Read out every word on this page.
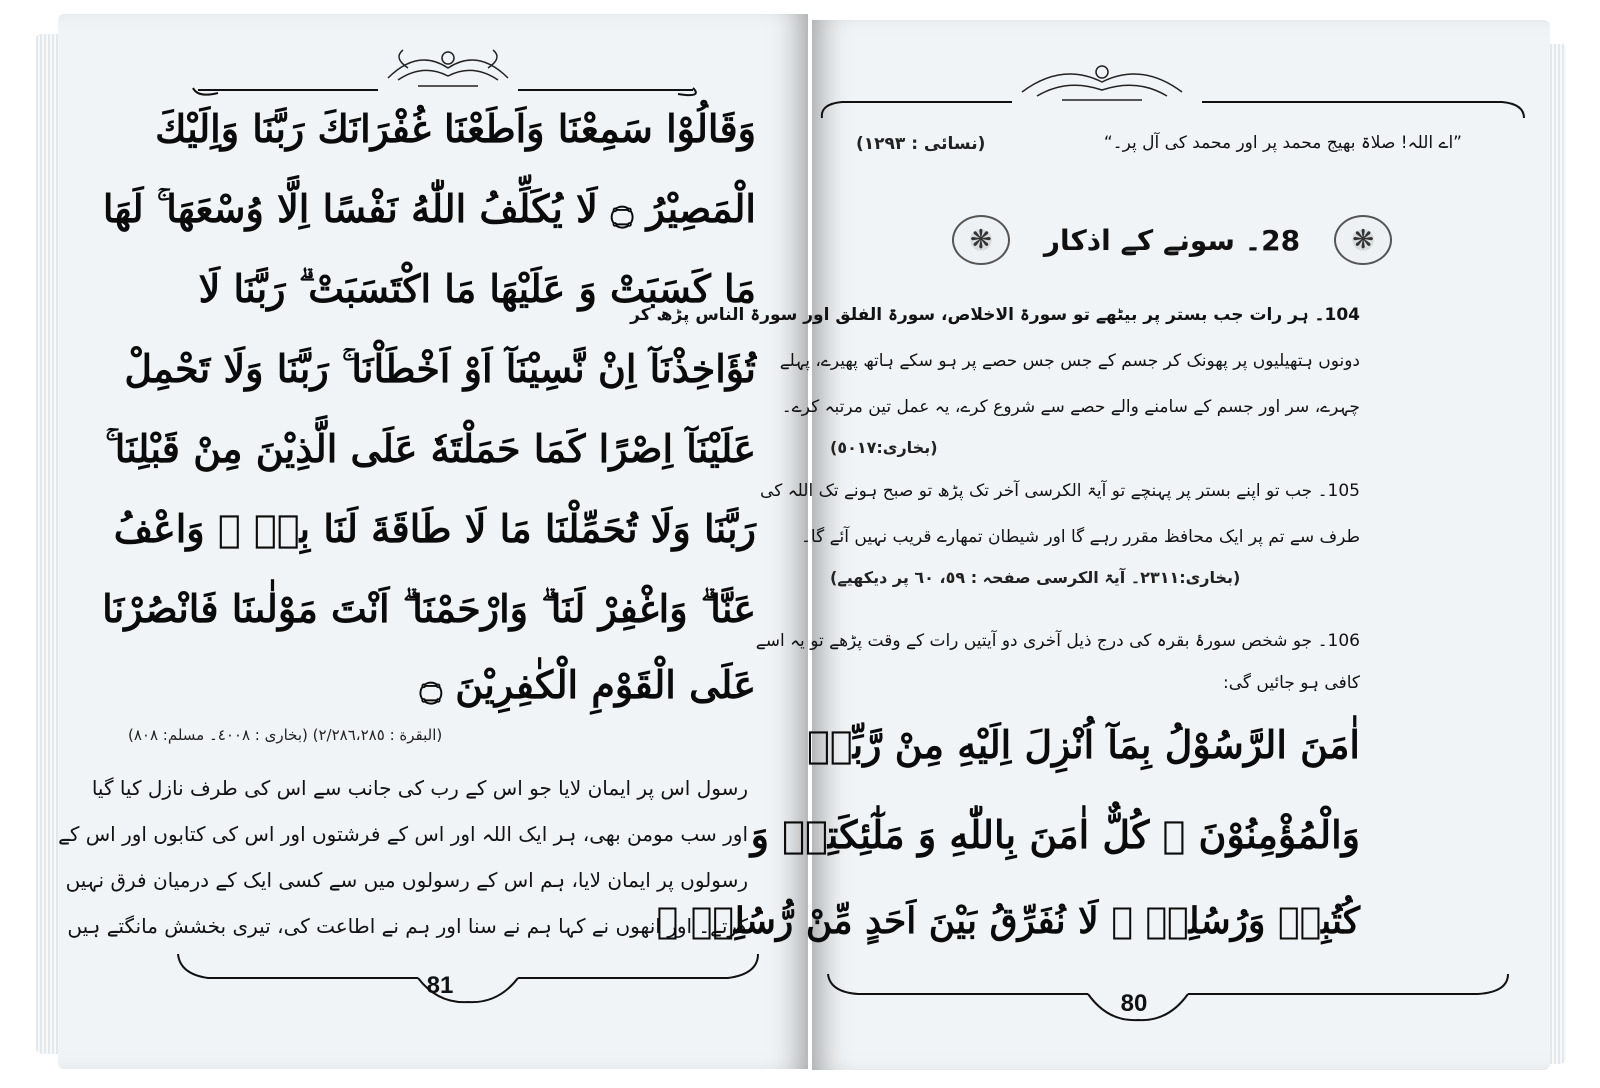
وَقَالُوْا سَمِعْنَا وَاَطَعْنَا غُفْرَانَكَ رَبَّنَا وَاِلَيْكَ
الْمَصِيْرُ ۝ لَا يُكَلِّفُ اللّٰهُ نَفْسًا اِلَّا وُسْعَهَا ۚ لَهَا
مَا كَسَبَتْ وَ عَلَيْهَا مَا اكْتَسَبَتْ ۗ رَبَّنَا لَا
تُؤَاخِذْنَآ اِنْ نَّسِيْنَآ اَوْ اَخْطَاْنَا ۚ رَبَّنَا وَلَا تَحْمِلْ
عَلَيْنَآ اِصْرًا كَمَا حَمَلْتَهٗ عَلَى الَّذِيْنَ مِنْ قَبْلِنَا ۚ
رَبَّنَا وَلَا تُحَمِّلْنَا مَا لَا طَاقَةَ لَنَا بِهٖ ۚ وَاعْفُ
عَنَّا ۗ وَاغْفِرْ لَنَا ۗ وَارْحَمْنَا ۗ اَنْتَ مَوْلٰىنَا فَانْصُرْنَا
عَلَى الْقَوْمِ الْكٰفِرِيْنَ ۝
(البقرة : ٢/٢٨٦،٢٨٥) (بخاری : ٤٠٠٨۔ مسلم: ٨٠٨)
رسول اس پر ایمان لایا جو اس کے رب کی جانب سے اس کی طرف نازل کیا گیا
اور سب مومن بھی، ہر ایک اللہ اور اس کے فرشتوں اور اس کی کتابوں اور اس کے
رسولوں پر ایمان لایا، ہم اس کے رسولوں میں سے کسی ایک کے درمیان فرق نہیں
کرتے۔ اور انھوں نے کہا ہم نے سنا اور ہم نے اطاعت کی، تیری بخشش مانگتے ہیں
81
”اے اللہ! صلاۃ بھیج محمد پر اور محمد کی آل پر۔“
(نسائی : ١٢٩٣)
❋	28۔ سونے کے اذکار	❋
104۔ ہر رات جب بستر پر بیٹھے تو سورۃ الاخلاص، سورۃ الفلق اور سورۃ الناس پڑھ کر
دونوں ہتھیلیوں پر پھونک کر جسم کے جس جس حصے پر ہو سکے ہاتھ پھیرے، پہلے
چہرے، سر اور جسم کے سامنے والے حصے سے شروع کرے، یہ عمل تین مرتبہ کرے۔
(بخاری:٥٠١٧)
105۔ جب تو اپنے بستر پر پہنچے تو آیۃ الکرسی آخر تک پڑھ تو صبح ہونے تک اللہ کی
طرف سے تم پر ایک محافظ مقرر رہے گا اور شیطان تمھارے قریب نہیں آئے گا۔
(بخاری:٢٣١١۔ آیۃ الکرسی صفحہ : ٥٩، ٦٠ پر دیکھیے)
106۔ جو شخص سورۂ بقرہ کی درج ذیل آخری دو آیتیں رات کے وقت پڑھے تو یہ اسے
کافی ہو جائیں گی:
اٰمَنَ الرَّسُوْلُ بِمَآ اُنْزِلَ اِلَيْهِ مِنْ رَّبِّهٖ
وَالْمُؤْمِنُوْنَ ۗ كُلٌّ اٰمَنَ بِاللّٰهِ وَ مَلٰٓئِكَتِهٖ وَ
كُتُبِهٖ وَرُسُلِهٖ ۣ لَا نُفَرِّقُ بَيْنَ اَحَدٍ مِّنْ رُّسُلِهٖ ۣ
80
